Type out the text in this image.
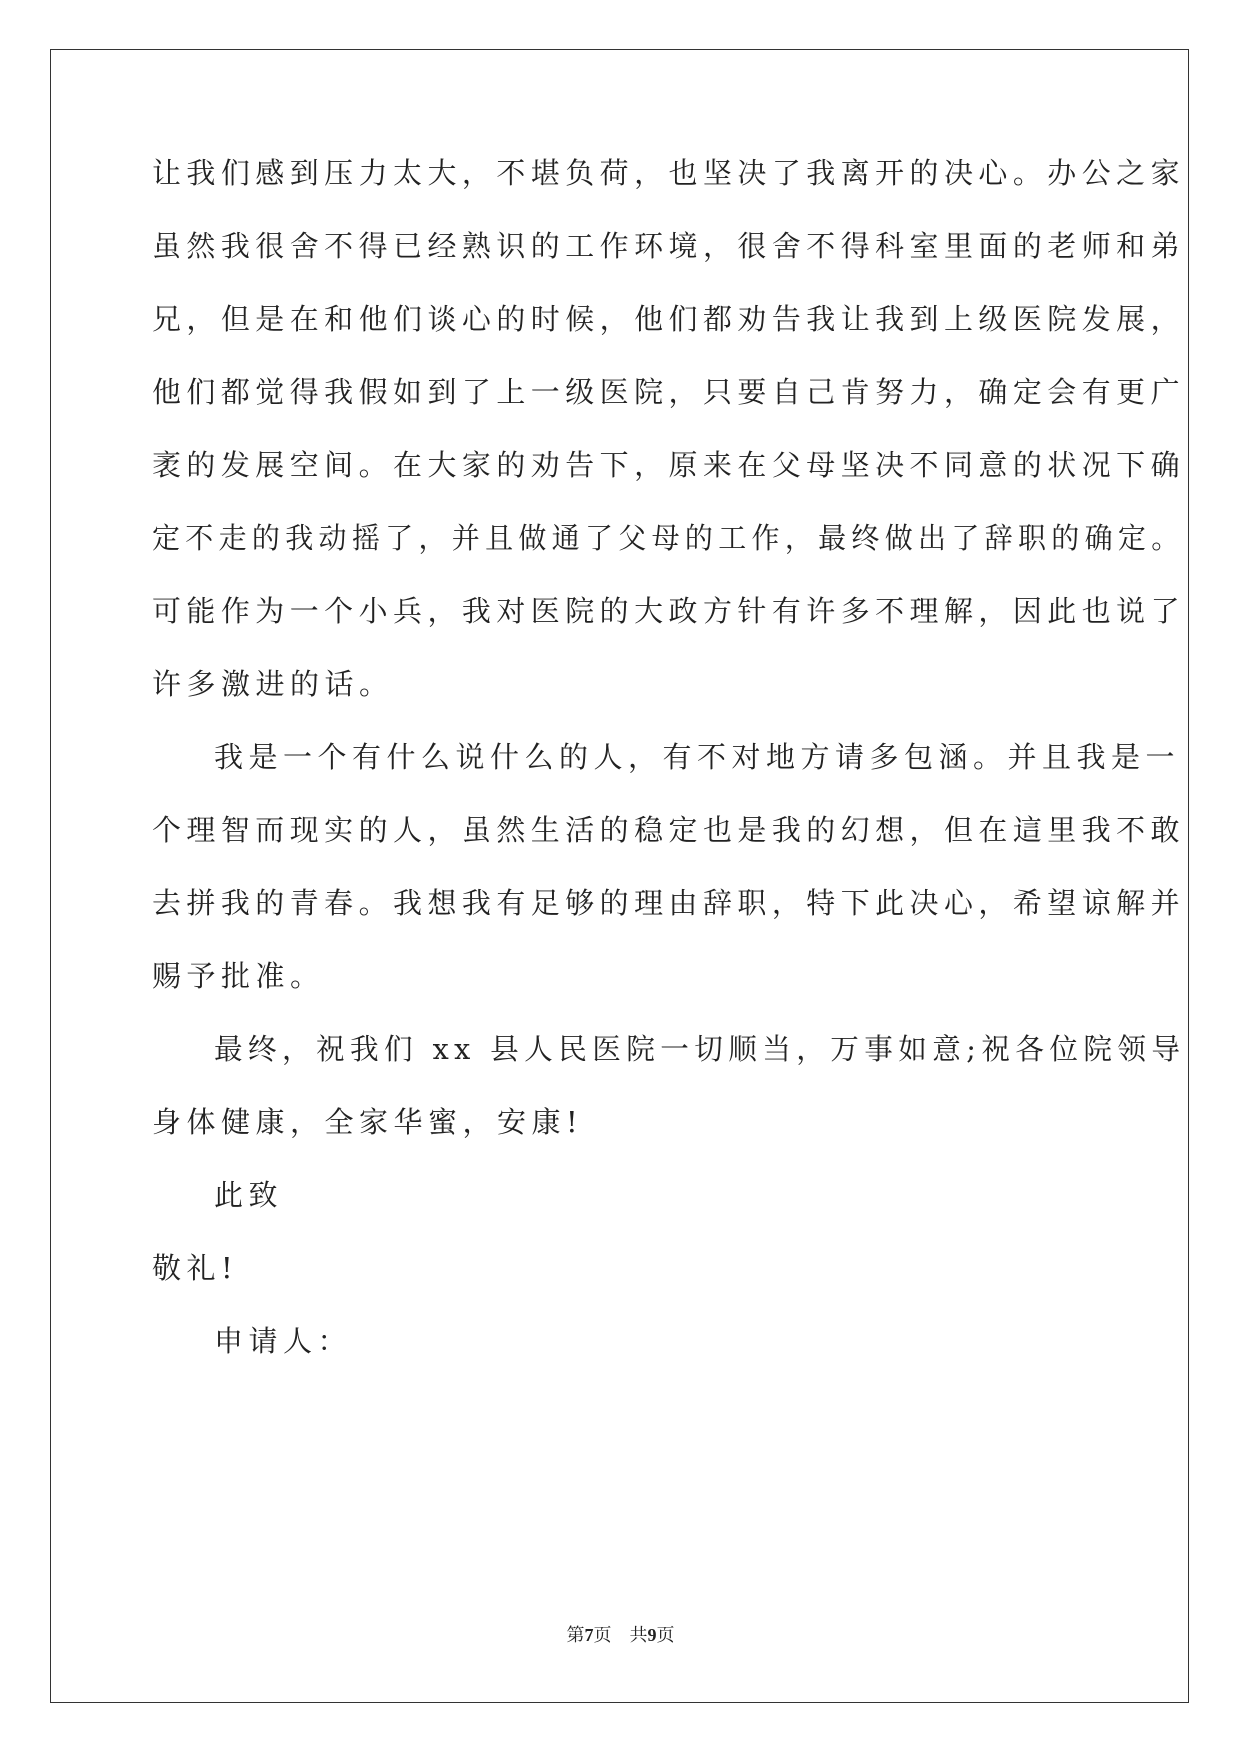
让我们感到压力太大，不堪负荷，也坚决了我离开的决心。办公之家

虽然我很舍不得已经熟识的工作环境，很舍不得科室里面的老师和弟

兄，但是在和他们谈心的时候，他们都劝告我让我到上级医院发展，

他们都觉得我假如到了上一级医院，只要自己肯努力，确定会有更广

袤的发展空间。在大家的劝告下，原来在父母坚决不同意的状况下确

定不走的我动摇了，并且做通了父母的工作，最终做出了辞职的确定。

可能作为一个小兵，我对医院的大政方针有许多不理解，因此也说了

许多激进的话。

我是一个有什么说什么的人，有不对地方请多包涵。并且我是一

个理智而现实的人，虽然生活的稳定也是我的幻想，但在這里我不敢

去拼我的青春。我想我有足够的理由辞职，特下此决心，希望谅解并

赐予批准。

最终，祝我们 xx 县人民医院一切顺当，万事如意;祝各位院领导

身体健康，全家华蜜，安康!

此致

敬礼!

申请人：

第7页　共9页
